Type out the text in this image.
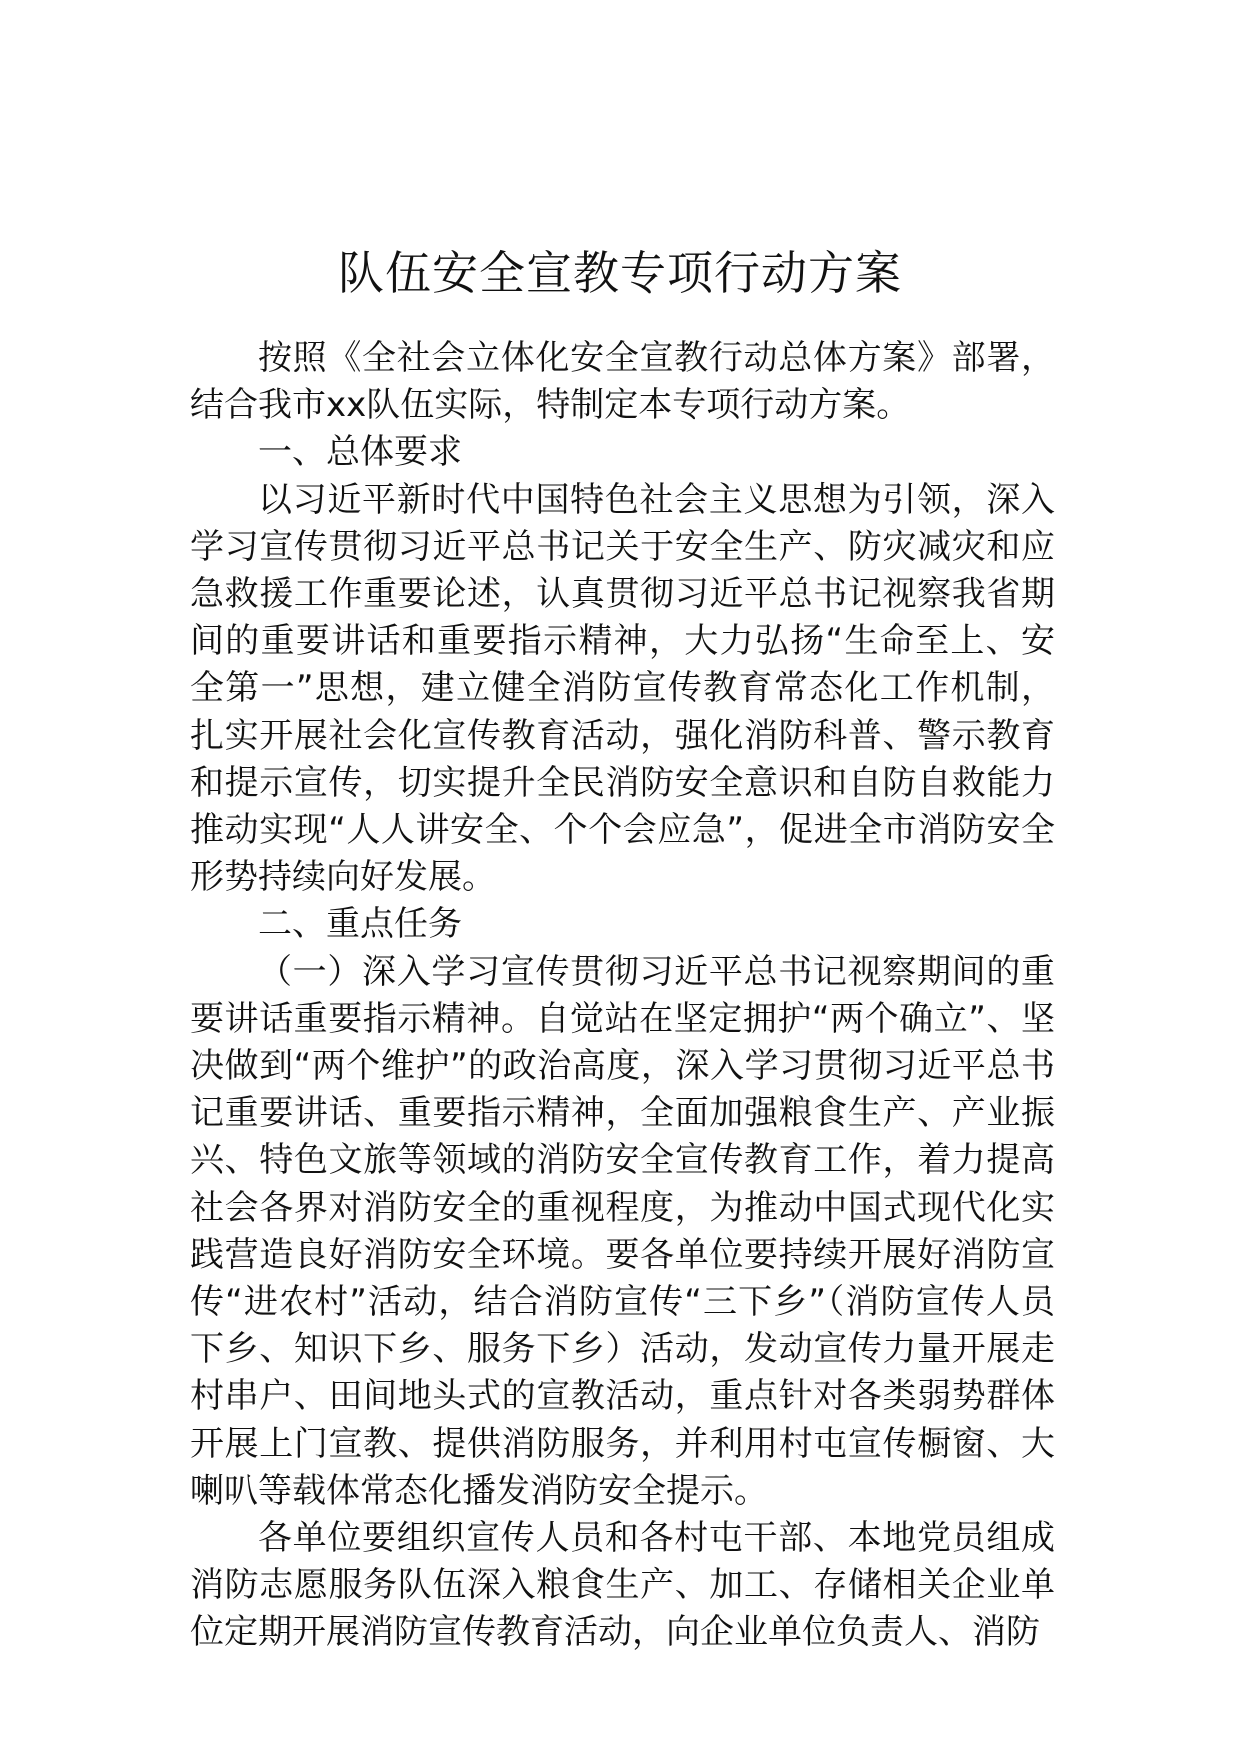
队伍安全宣教专项行动方案

按照《全社会立体化安全宣教行动总体方案》部署，结合我市xx队伍实际，特制定本专项行动方案。

一、总体要求

以习近平新时代中国特色社会主义思想为引领，深入学习宣传贯彻习近平总书记关于安全生产、防灾减灾和应急救援工作重要论述，认真贯彻习近平总书记视察我省期间的重要讲话和重要指示精神，大力弘扬“生命至上、安全第一”思想，建立健全消防宣传教育常态化工作机制，扎实开展社会化宣传教育活动，强化消防科普、警示教育和提示宣传，切实提升全民消防安全意识和自防自救能力推动实现“人人讲安全、个个会应急”，促进全市消防安全形势持续向好发展。

二、重点任务

（一）深入学习宣传贯彻习近平总书记视察期间的重要讲话重要指示精神。自觉站在坚定拥护“两个确立”、坚决做到“两个维护”的政治高度，深入学习贯彻习近平总书记重要讲话、重要指示精神，全面加强粮食生产、产业振兴、特色文旅等领域的消防安全宣传教育工作，着力提高社会各界对消防安全的重视程度，为推动中国式现代化实践营造良好消防安全环境。要各单位要持续开展好消防宣传“进农村”活动，结合消防宣传“三下乡”（消防宣传人员下乡、知识下乡、服务下乡）活动，发动宣传力量开展走村串户、田间地头式的宣教活动，重点针对各类弱势群体开展上门宣教、提供消防服务，并利用村屯宣传橱窗、大喇叭等载体常态化播发消防安全提示。

各单位要组织宣传人员和各村屯干部、本地党员组成消防志愿服务队伍深入粮食生产、加工、存储相关企业单位定期开展消防宣传教育活动，向企业单位负责人、消防
